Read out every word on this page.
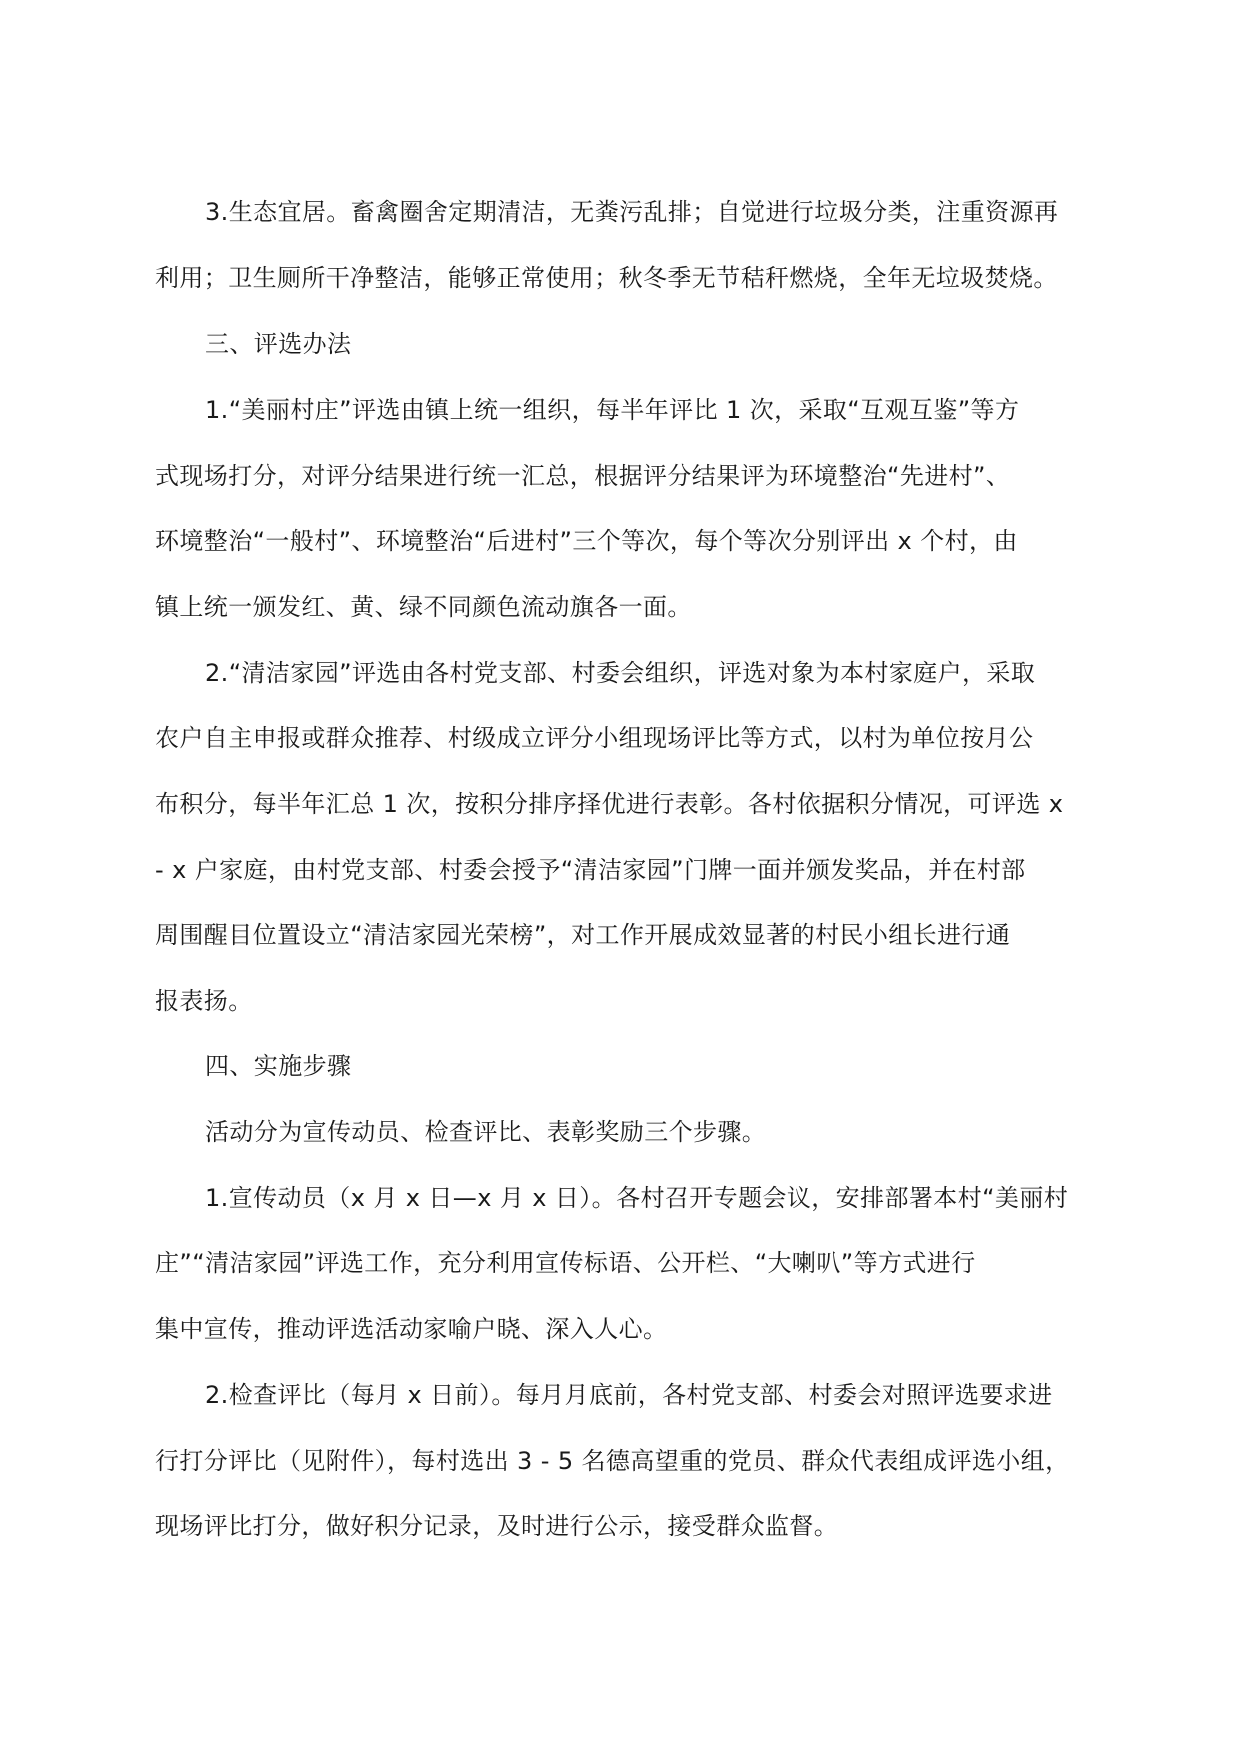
3.生态宜居。畜禽圈舍定期清洁，无粪污乱排；自觉进行垃圾分类，注重资源再
利用；卫生厕所干净整洁，能够正常使用；秋冬季无节秸秆燃烧，全年无垃圾焚烧。
三、评选办法
1.“美丽村庄”评选由镇上统一组织，每半年评比 1 次，采取“互观互鉴”等方
式现场打分，对评分结果进行统一汇总，根据评分结果评为环境整治“先进村”、
环境整治“一般村”、环境整治“后进村”三个等次，每个等次分别评出 x 个村，由
镇上统一颁发红、黄、绿不同颜色流动旗各一面。
2.“清洁家园”评选由各村党支部、村委会组织，评选对象为本村家庭户，采取
农户自主申报或群众推荐、村级成立评分小组现场评比等方式，以村为单位按月公
布积分，每半年汇总 1 次，按积分排序择优进行表彰。各村依据积分情况，可评选 x
- x 户家庭，由村党支部、村委会授予“清洁家园”门牌一面并颁发奖品，并在村部
周围醒目位置设立“清洁家园光荣榜”，对工作开展成效显著的村民小组长进行通
报表扬。
四、实施步骤
活动分为宣传动员、检查评比、表彰奖励三个步骤。
1.宣传动员（x 月 x 日—x 月 x 日）。各村召开专题会议，安排部署本村“美丽村
庄”“清洁家园”评选工作，充分利用宣传标语、公开栏、“大喇叭”等方式进行
集中宣传，推动评选活动家喻户晓、深入人心。
2.检查评比（每月 x 日前）。每月月底前，各村党支部、村委会对照评选要求进
行打分评比（见附件），每村选出 3 - 5 名德高望重的党员、群众代表组成评选小组，
现场评比打分，做好积分记录，及时进行公示，接受群众监督。
